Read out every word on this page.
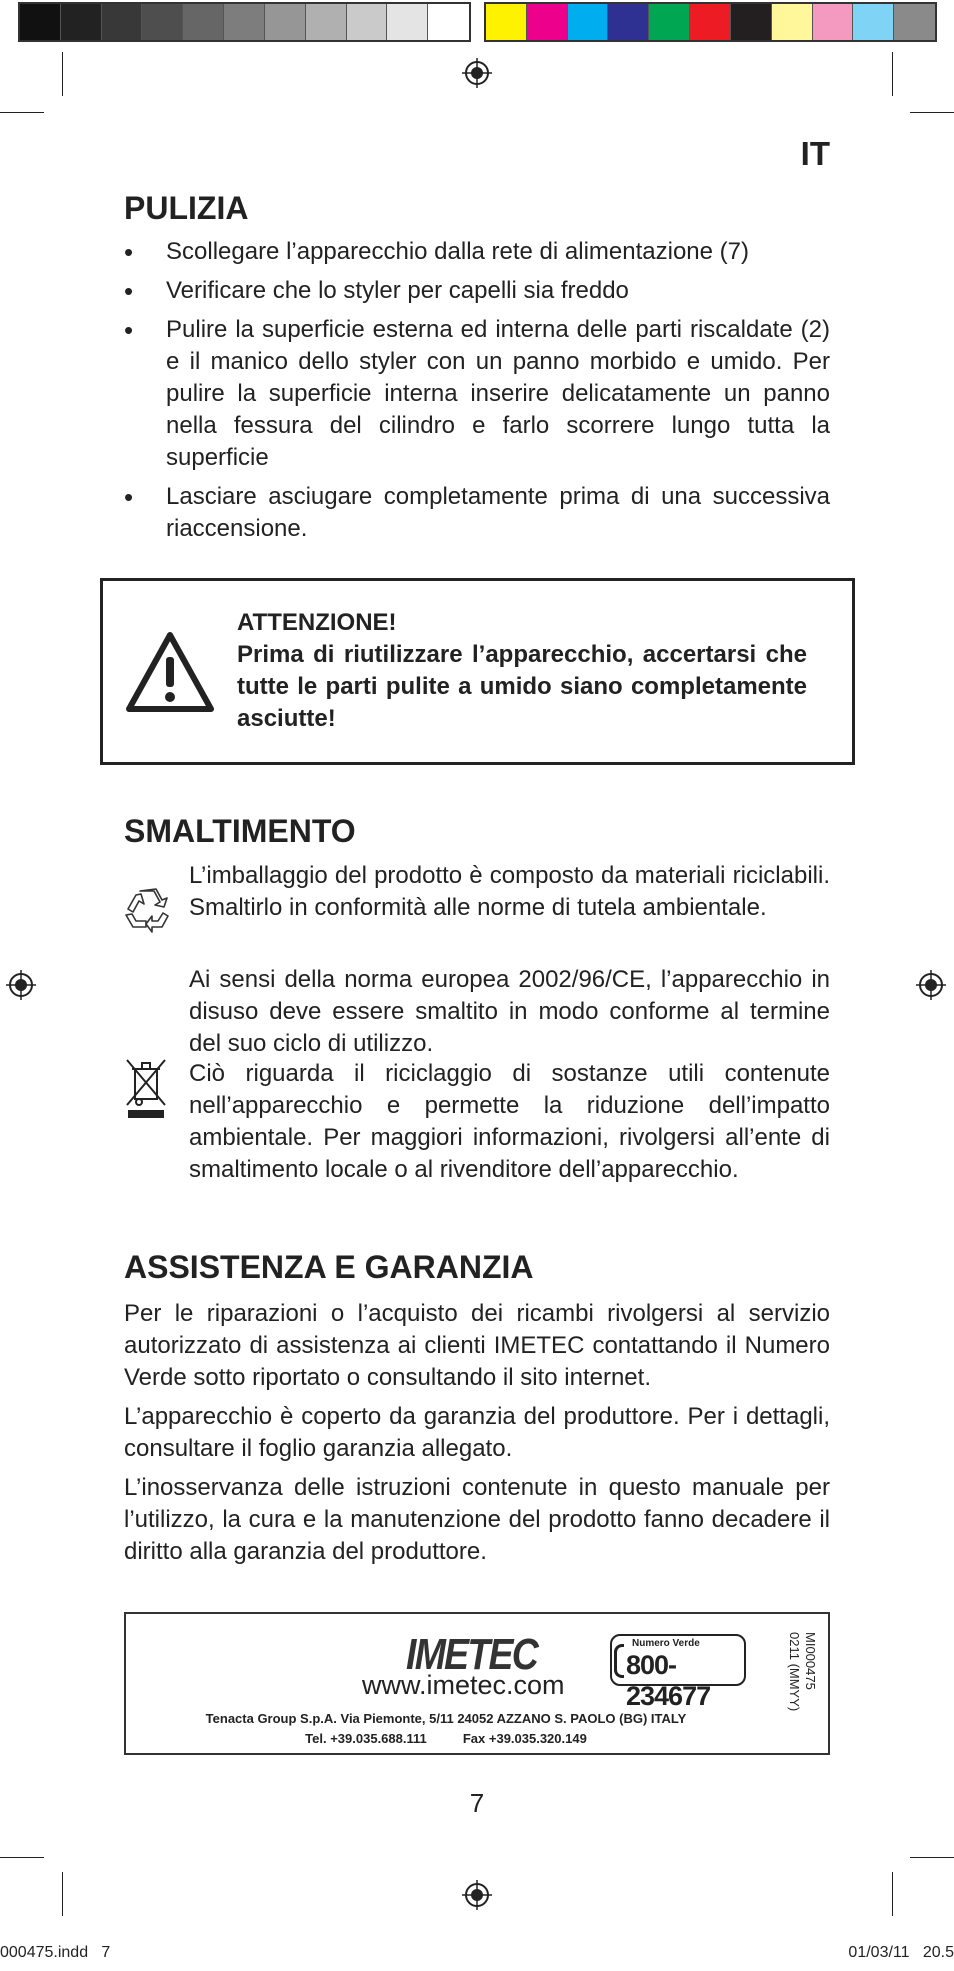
IT
PULIZIA
• Scollegare l’apparecchio dalla rete di alimentazione (7)
• Verificare che lo styler per capelli sia freddo
• Pulire la superficie esterna ed interna delle parti riscaldate (2) e il manico dello styler con un panno morbido e umido. Per pulire la superficie interna inserire delicatamente un panno nella fessura del cilindro e farlo scorrere lungo tutta la superficie
• Lasciare asciugare completamente prima di una successiva riaccensione.
ATTENZIONE!
Prima di riutilizzare l’apparecchio, accertarsi che tutte le parti pulite a umido siano completamente asciutte!
SMALTIMENTO
L’imballaggio del prodotto è composto da materiali riciclabili. Smaltirlo in conformità alle norme di tutela ambientale.
Ai sensi della norma europea 2002/96/CE, l’apparecchio in disuso deve essere smaltito in modo conforme al termine del suo ciclo di utilizzo.
Ciò riguarda il riciclaggio di sostanze utili contenute nell’apparecchio e permette la riduzione dell’impatto ambientale. Per maggiori informazioni, rivolgersi all’ente di smaltimento locale o al rivenditore dell’apparecchio.
ASSISTENZA E GARANZIA
Per le riparazioni o l’acquisto dei ricambi rivolgersi al servizio autorizzato di assistenza ai clienti IMETEC contattando il Numero Verde sotto riportato o consultando il sito internet.
L’apparecchio è coperto da garanzia del produttore. Per i dettagli, consultare il foglio garanzia allegato.
L’inosservanza delle istruzioni contenute in questo manuale per l’utilizzo, la cura e la manutenzione del prodotto fanno decadere il diritto alla garanzia del produttore.
IMETEC
www.imetec.com
Numero Verde
800-234677
Tenacta Group S.p.A. Via Piemonte, 5/11 24052 AZZANO S. PAOLO (BG) ITALY
Tel. +39.035.688.111          Fax +39.035.320.149
MI000475
0211 (MMYY)
7
000475.indd   7	01/03/11   20.5
